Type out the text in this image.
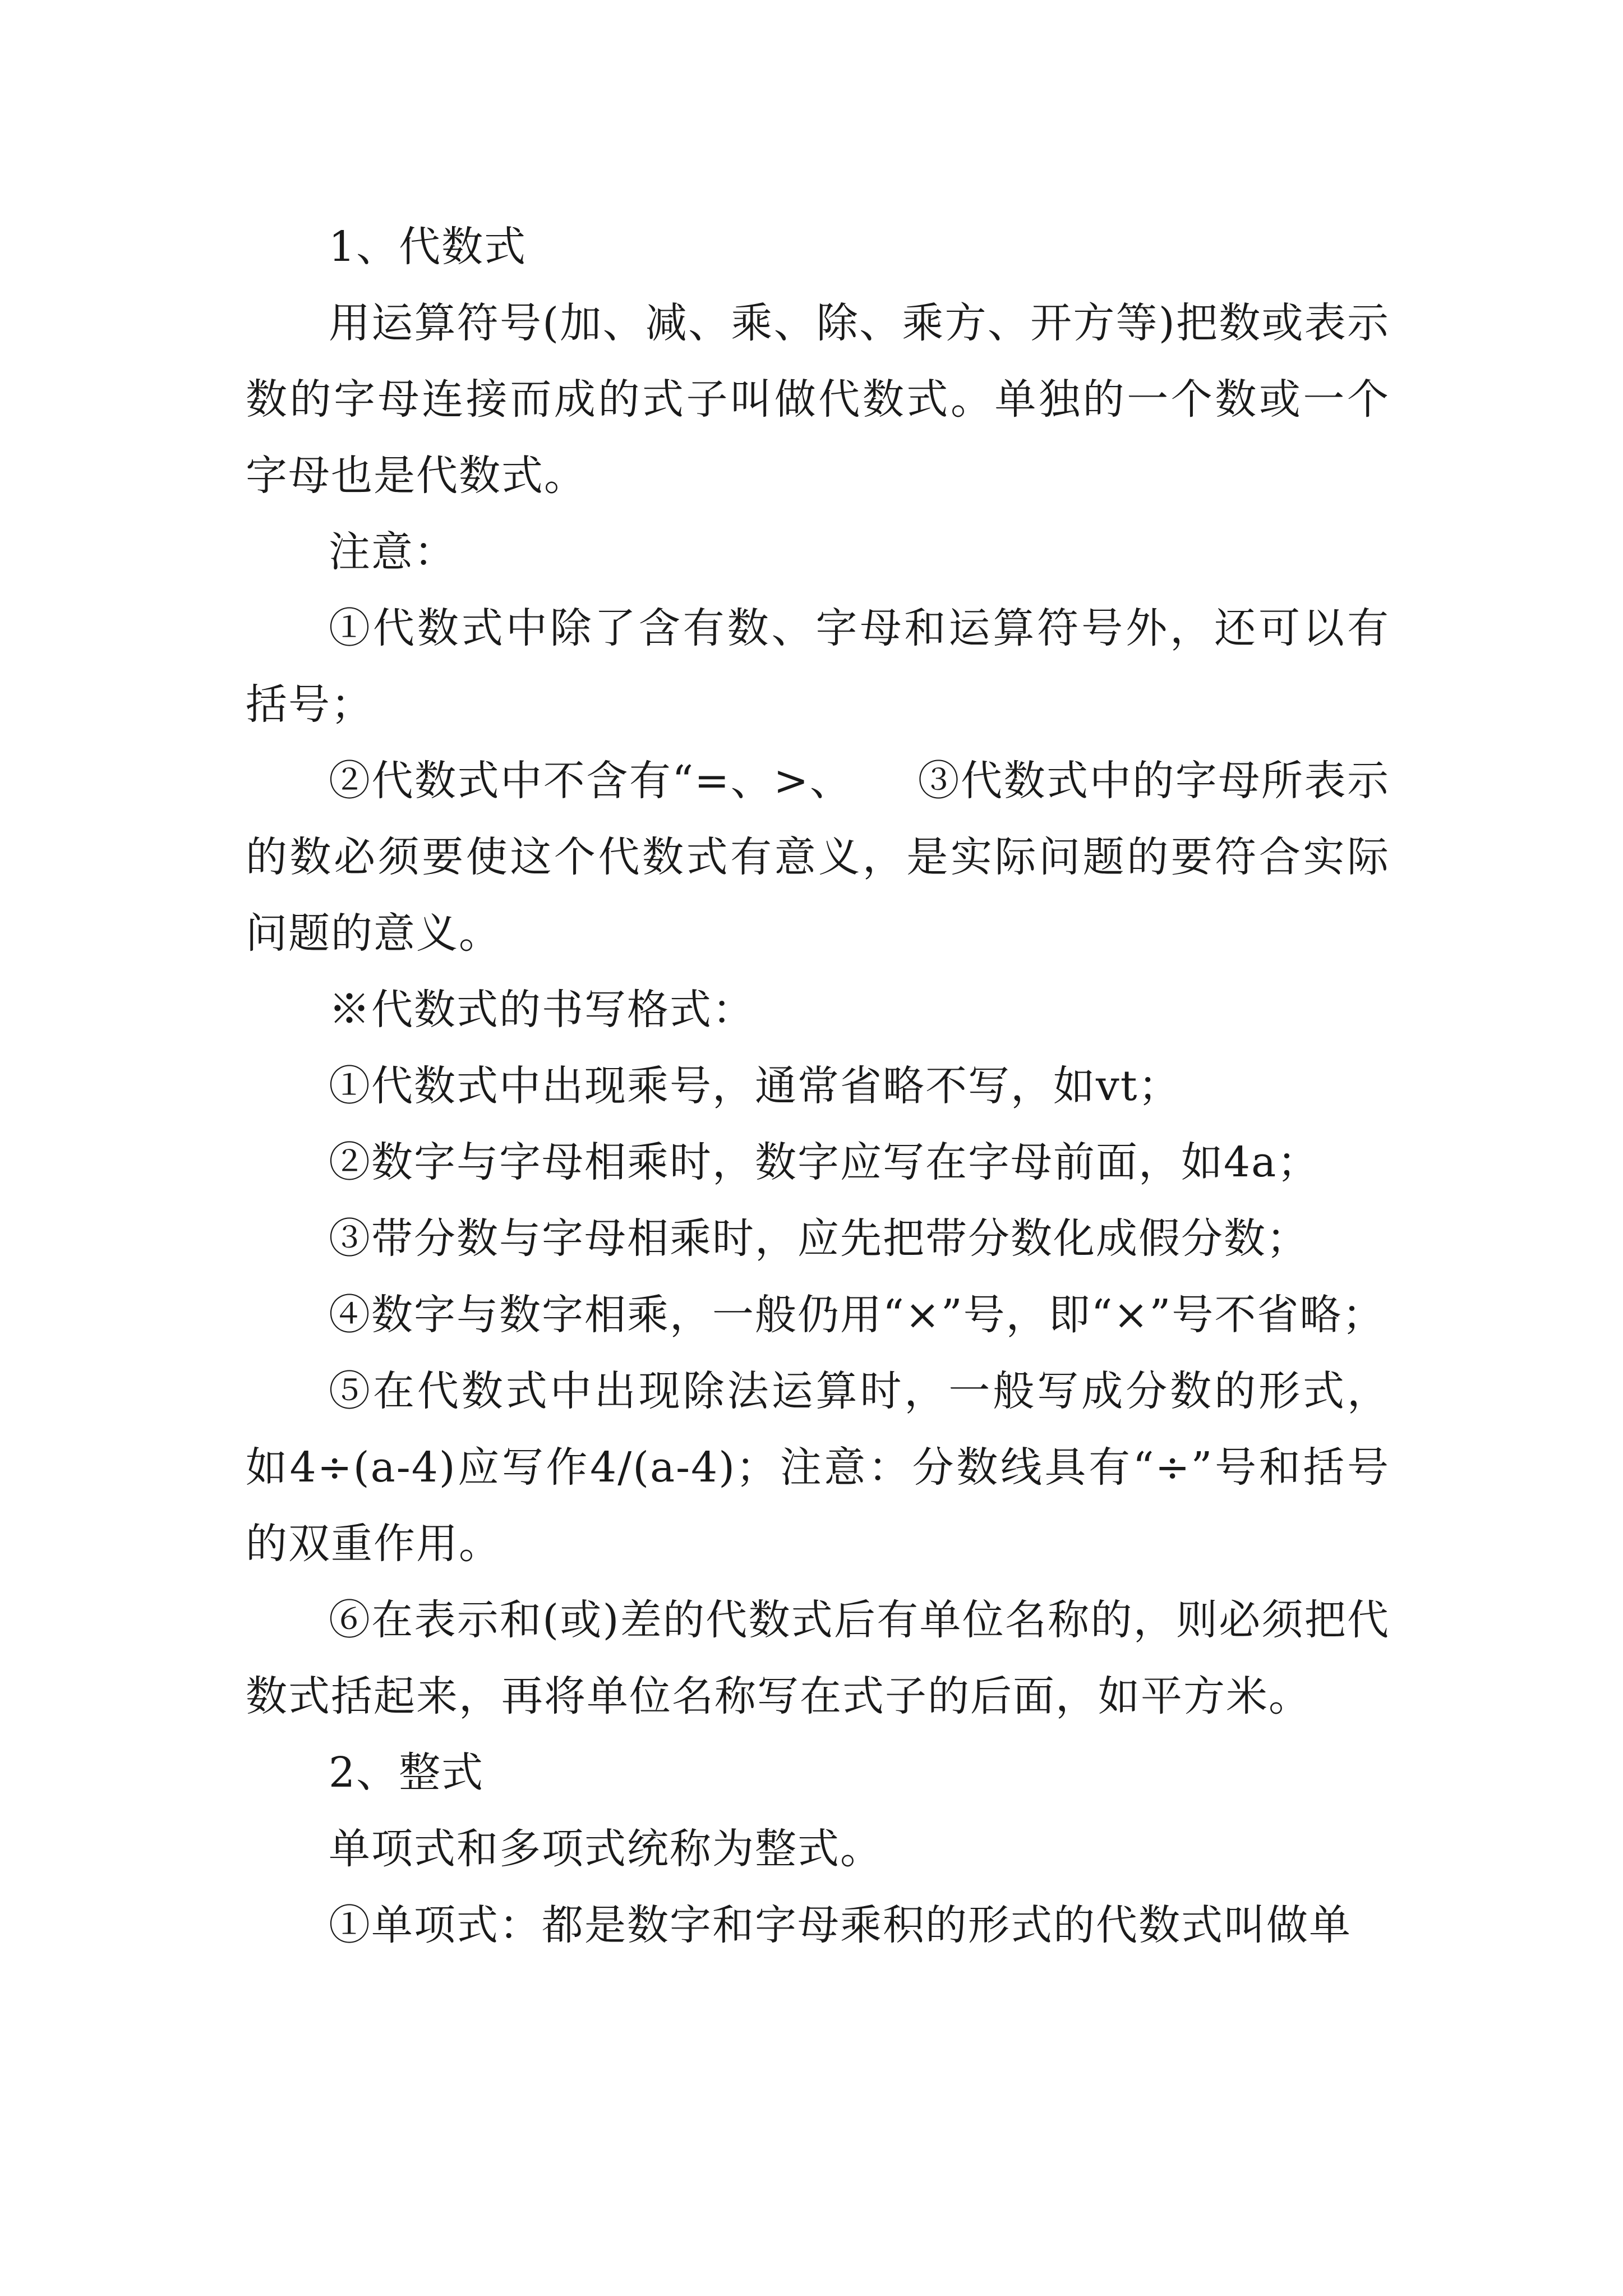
1、代数式

用运算符号(加、减、乘、除、乘方、开方等)把数或表示数的字母连接而成的式子叫做代数式。单独的一个数或一个字母也是代数式。

注意：

①代数式中除了含有数、字母和运算符号外，还可以有括号；

②代数式中不含有“=、>、　　③代数式中的字母所表示的数必须要使这个代数式有意义，是实际问题的要符合实际问题的意义。

※代数式的书写格式：

①代数式中出现乘号，通常省略不写，如vt；

②数字与字母相乘时，数字应写在字母前面，如4a；

③带分数与字母相乘时，应先把带分数化成假分数；

④数字与数字相乘，一般仍用“×”号，即“×”号不省略；

⑤在代数式中出现除法运算时，一般写成分数的形式，如4÷(a-4)应写作4/(a-4)；注意：分数线具有“÷”号和括号的双重作用。

⑥在表示和(或)差的代数式后有单位名称的，则必须把代数式括起来，再将单位名称写在式子的后面，如平方米。

2、整式

单项式和多项式统称为整式。

①单项式：都是数字和字母乘积的形式的代数式叫做单
